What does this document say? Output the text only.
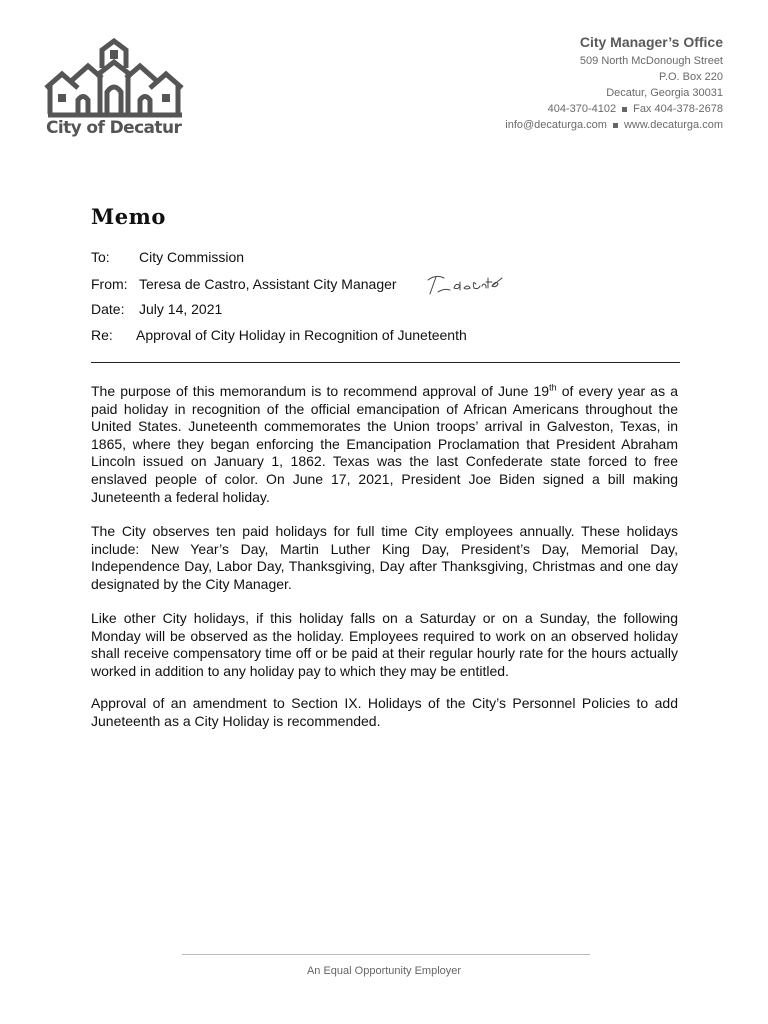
City of Decatur
City Manager’s Office
509 North McDonough Street
P.O. Box 220
Decatur, Georgia 30031
404-370-4102 Fax 404-378-2678
info@decaturga.com www.decaturga.com
Memo
To: City Commission
From: Teresa de Castro, Assistant City Manager
Date: July 14, 2021
Re: Approval of City Holiday in Recognition of Juneteenth
The purpose of this memorandum is to recommend approval of June 19th of every year as a paid holiday in recognition of the official emancipation of African Americans throughout the United States. Juneteenth commemorates the Union troops’ arrival in Galveston, Texas, in 1865, where they began enforcing the Emancipation Proclamation that President Abraham Lincoln issued on January 1, 1862. Texas was the last Confederate state forced to free enslaved people of color. On June 17, 2021, President Joe Biden signed a bill making Juneteenth a federal holiday.
The City observes ten paid holidays for full time City employees annually. These holidays include: New Year’s Day, Martin Luther King Day, President’s Day, Memorial Day, Independence Day, Labor Day, Thanksgiving, Day after Thanksgiving, Christmas and one day designated by the City Manager.
Like other City holidays, if this holiday falls on a Saturday or on a Sunday, the following Monday will be observed as the holiday. Employees required to work on an observed holiday shall receive compensatory time off or be paid at their regular hourly rate for the hours actually worked in addition to any holiday pay to which they may be entitled.
Approval of an amendment to Section IX. Holidays of the City’s Personnel Policies to add Juneteenth as a City Holiday is recommended.
An Equal Opportunity Employer
